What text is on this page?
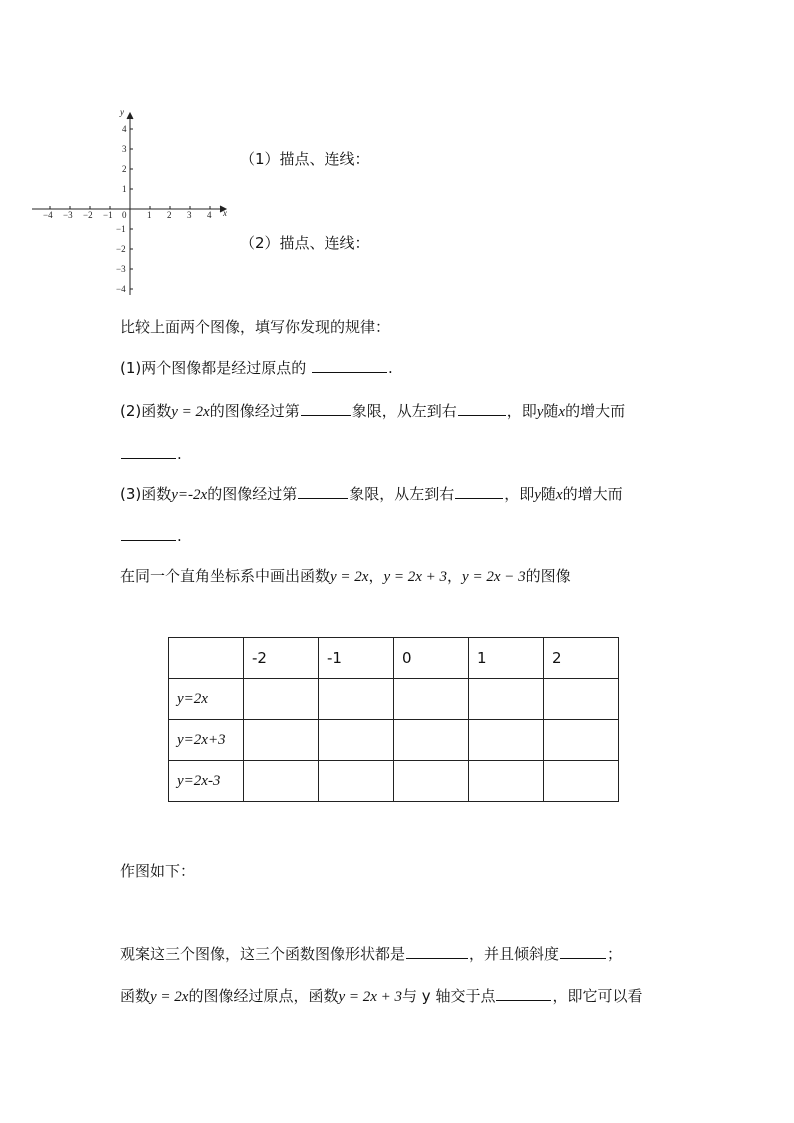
y
x
4
3
2
1
−1
−2
−3
−4
−4 −3 −2 −1 0 1 2 3 4
（1）描点、连线：
（2）描点、连线：
比较上面两个图像，填写你发现的规律：
(1)两个图像都是经过原点的	.
(2)函数y = 2x的图像经过第	象限，从左到右	，即y随x的增大而
.
(3)函数y=-2x的图像经过第	象限，从左到右	，即y随x的增大而
.
在同一个直角坐标系中画出函数y = 2x，y = 2x + 3，y = 2x − 3的图像
	-2	-1	0	1	2
y=2x					
y=2x+3					
y=2x-3					
作图如下：
观案这三个图像，这三个函数图像形状都是	，并且倾斜度	；
函数y = 2x的图像经过原点，函数y = 2x + 3与 y 轴交于点	，即它可以看
